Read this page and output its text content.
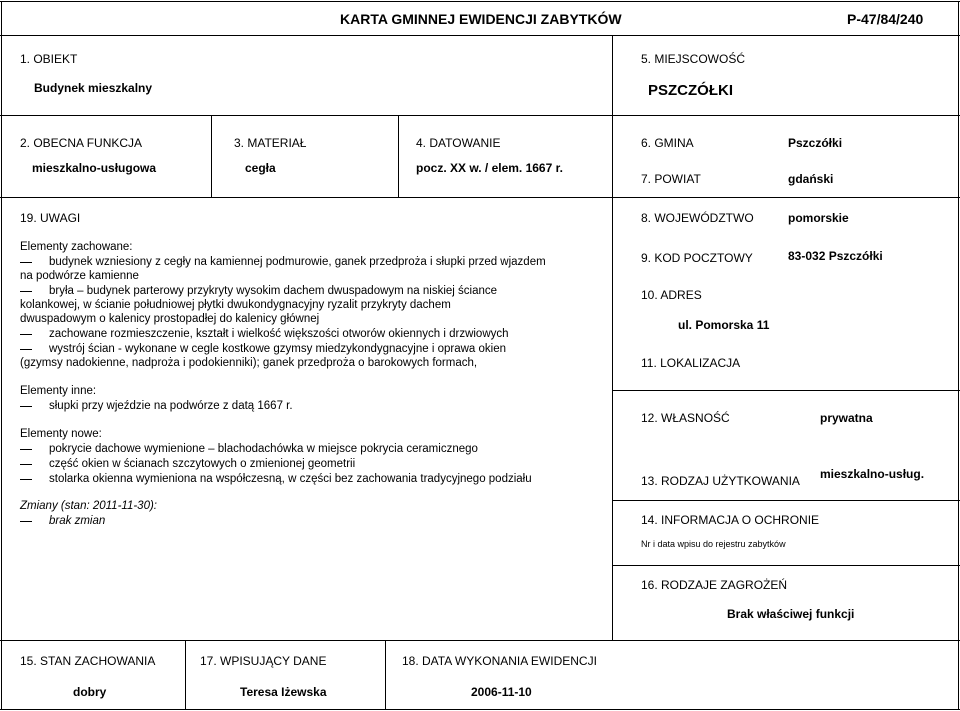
KARTA GMINNEJ EWIDENCJI ZABYTKÓW	P-47/84/240
1. OBIEKT
Budynek mieszkalny
5. MIEJSCOWOŚĆ
PSZCZÓŁKI
2. OBECNA FUNKCJA
mieszkalno-usługowa
3. MATERIAŁ
cegła
4. DATOWANIE
pocz. XX w. / elem. 1667 r.
6. GMINA	Pszczółki
7. POWIAT	gdański
8. WOJEWÓDZTWO	pomorskie
9. KOD POCZTOWY	83-032 Pszczółki
10. ADRES
ul. Pomorska 11
11. LOKALIZACJA
12. WŁASNOŚĆ	prywatna
13. RODZAJ UŻYTKOWANIA mieszkalno-usług.
14. INFORMACJA O OCHRONIE
Nr i data wpisu do rejestru zabytków
16. RODZAJE ZAGROŻEŃ
Brak właściwej funkcji
19. UWAGI
Elementy zachowane:
budynek wzniesiony z cegły na kamiennej podmurowie, ganek przedproża i słupki przed wjazdem
na podwórze kamienne
bryła – budynek parterowy przykryty wysokim dachem dwuspadowym na niskiej ściance
kolankowej, w ścianie południowej płytki dwukondygnacyjny ryzalit przykryty dachem
dwuspadowym o kalenicy prostopadłej do kalenicy głównej
zachowane rozmieszczenie, kształt i wielkość większości otworów okiennych i drzwiowych
wystrój ścian - wykonane w cegle kostkowe gzymsy miedzykondygnacyjne i oprawa okien
(gzymsy nadokienne, nadproża i podokienniki); ganek przedproża o barokowych formach,
Elementy inne:
słupki przy wjeździe na podwórze z datą 1667 r.
Elementy nowe:
pokrycie dachowe wymienione – blachodachówka w miejsce pokrycia ceramicznego
część okien w ścianach szczytowych o zmienionej geometrii
stolarka okienna wymieniona na współczesną, w części bez zachowania tradycyjnego podziału
Zmiany (stan: 2011-11-30):
brak zmian
15. STAN ZACHOWANIA
dobry
17. WPISUJĄCY DANE
Teresa Iżewska
18. DATA WYKONANIA EWIDENCJI
2006-11-10
